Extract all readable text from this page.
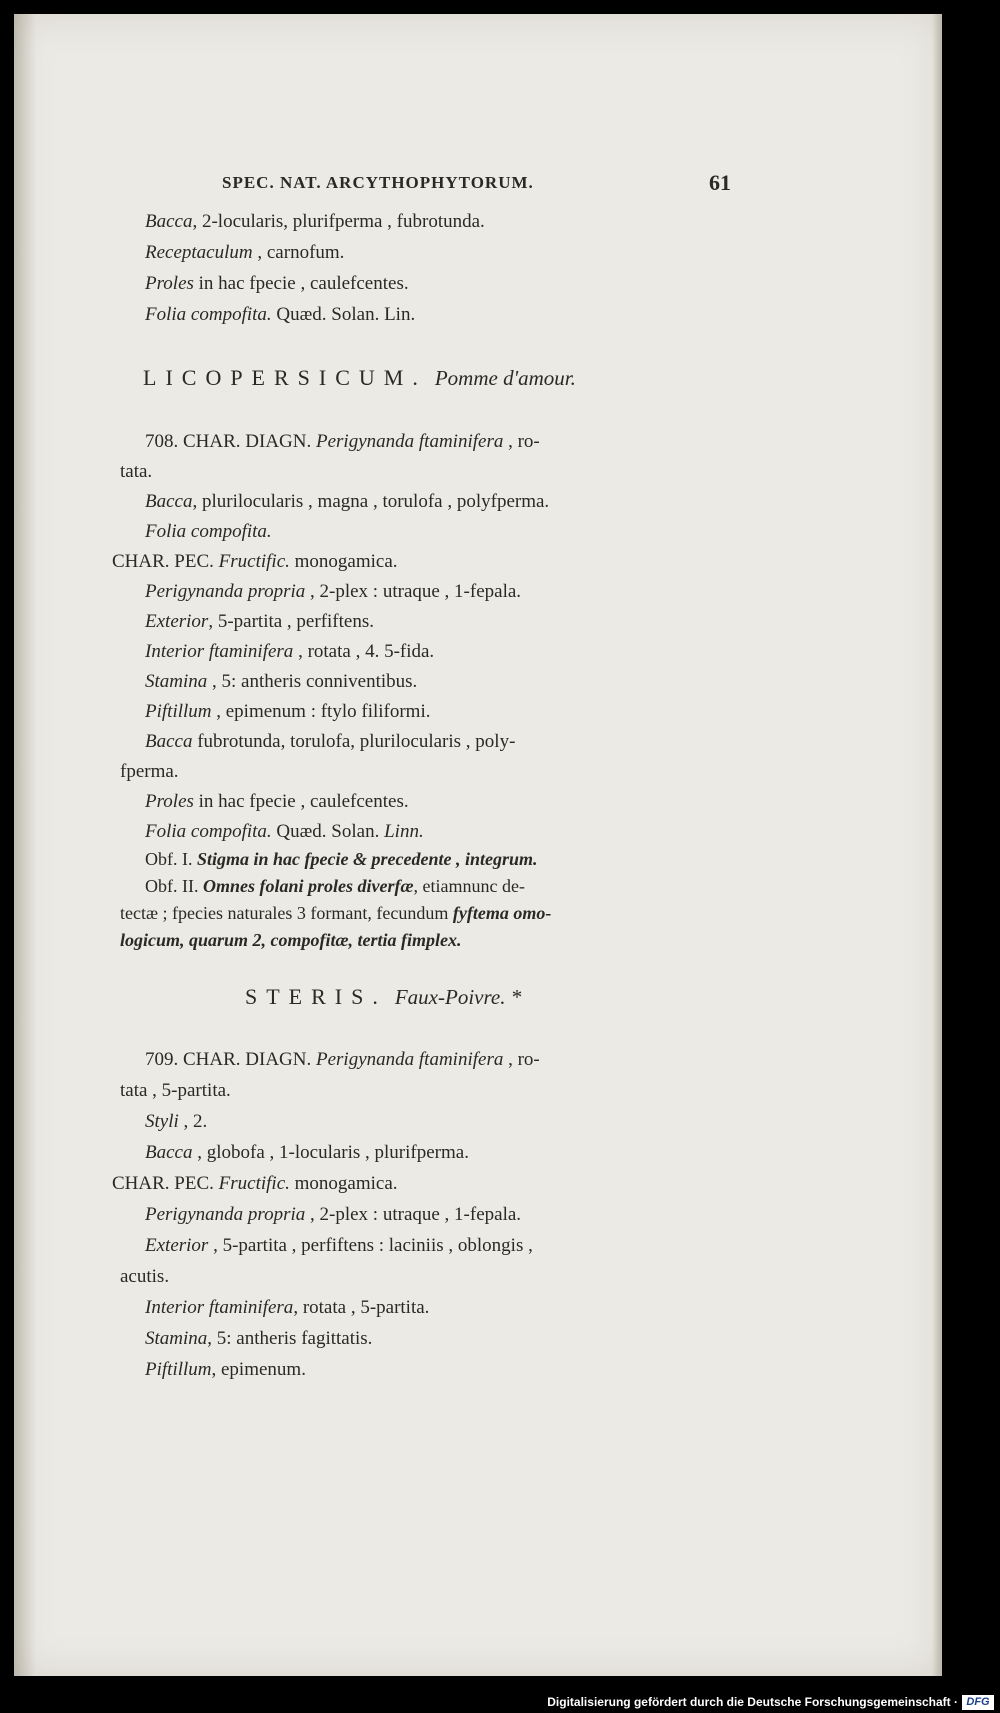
SPEC. NAT. ARCYTHOPHYTORUM.	61
Bacca, 2-locularis, plurifperma , fubrotunda.
Receptaculum , carnofum.
Proles in hac fpecie , caulefcentes.
Folia compofita. Quæd. Solan. Lin.
LICOPERSICUM. Pomme d'amour.
708. CHAR. DIAGN. Perigynanda ftaminifera , ro-
tata.
Bacca, plurilocularis , magna , torulofa , polyfperma.
Folia compofita.
CHAR. PEC. Fructific. monogamica.
Perigynanda propria , 2-plex : utraque , 1-fepala.
Exterior, 5-partita , perfiftens.
Interior ftaminifera , rotata , 4. 5-fida.
Stamina , 5: antheris conniventibus.
Piftillum , epimenum : ftylo filiformi.
Bacca fubrotunda, torulofa, plurilocularis , poly-
fperma.
Proles in hac fpecie , caulefcentes.
Folia compofita. Quæd. Solan. Linn.
Obf. I. Stigma in hac fpecie & precedente , integrum.
Obf. II. Omnes folani proles diverfæ, etiamnunc de-
tectæ ; fpecies naturales 3 formant, fecundum fyftema omo-
logicum, quarum 2, compofitæ, tertia fimplex.
STERIS. Faux-Poivre. *
709. CHAR. DIAGN. Perigynanda ftaminifera , ro-
tata , 5-partita.
Styli , 2.
Bacca , globofa , 1-locularis , plurifperma.
CHAR. PEC. Fructific. monogamica.
Perigynanda propria , 2-plex : utraque , 1-fepala.
Exterior , 5-partita , perfiftens : laciniis , oblongis ,
acutis.
Interior ftaminifera, rotata , 5-partita.
Stamina, 5: antheris fagittatis.
Piftillum, epimenum.
Digitalisierung gefördert durch die Deutsche Forschungsgemeinschaft · DFG
